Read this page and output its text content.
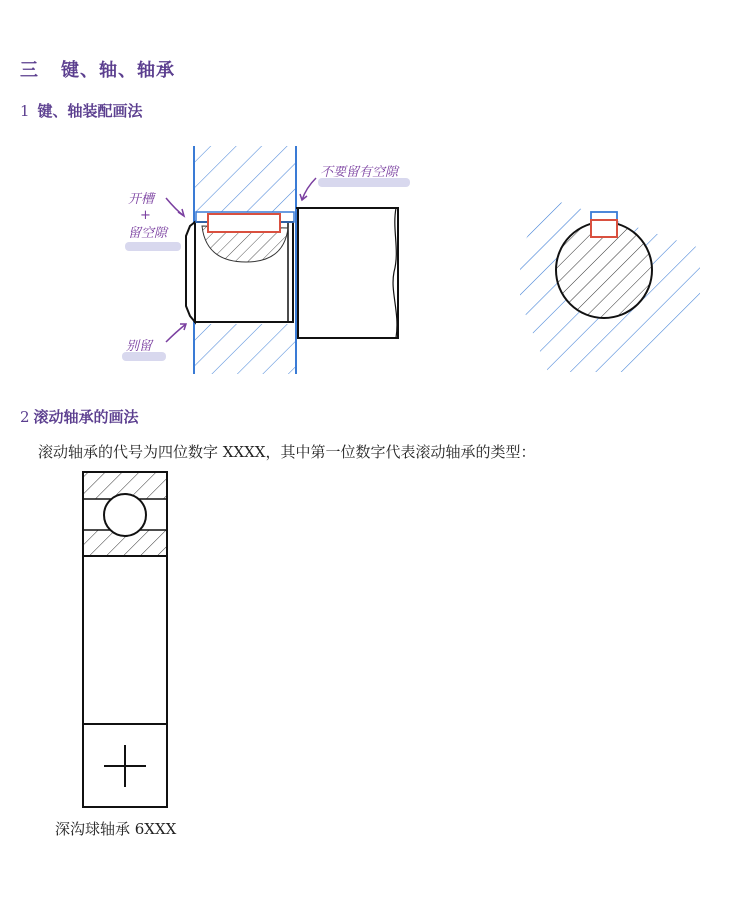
三 键、轴、轴承
1 键、轴装配画法
开槽
+
留空隙
不要留有空隙
别留
2 滚动轴承的画法
滚动轴承的代号为四位数字 XXXX，其中第一位数字代表滚动轴承的类型：
深沟球轴承 6XXX
